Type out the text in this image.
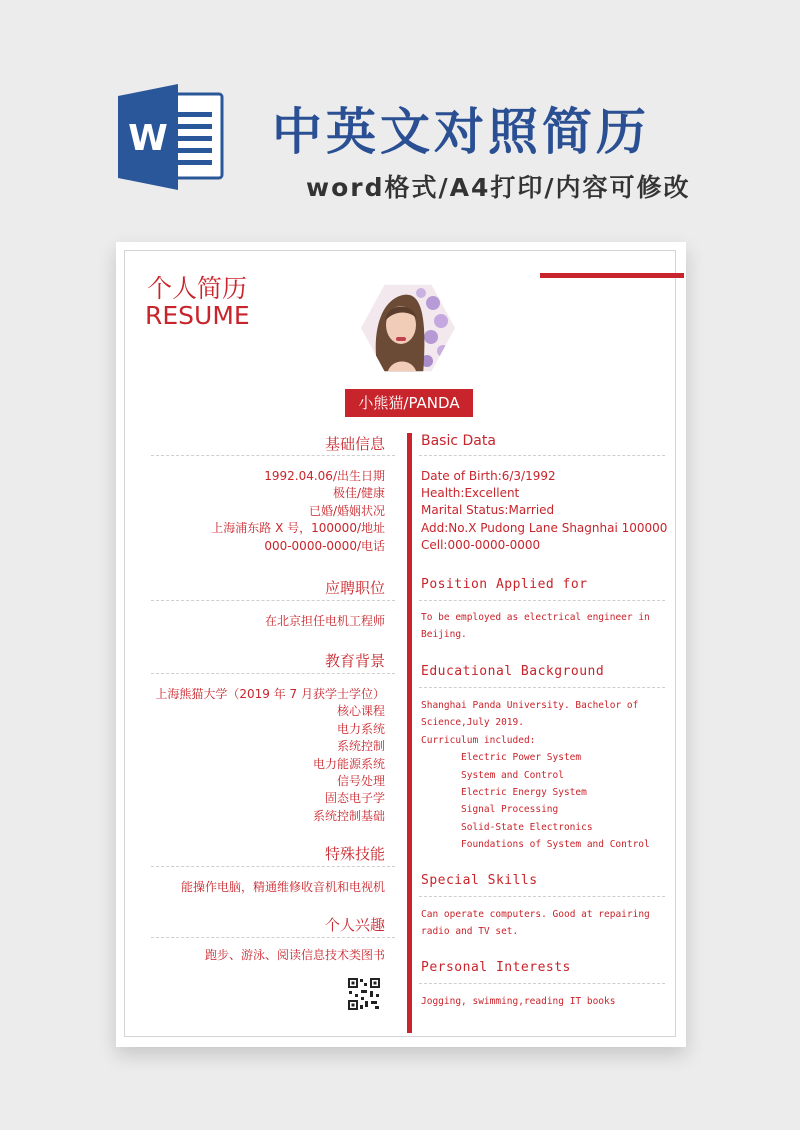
W 中英文对照简历
word格式/A4打印/内容可修改
个人简历
RESUME
小熊猫/PANDA
基础信息
1992.04.06/出生日期
极佳/健康
已婚/婚姻状况
上海浦东路 X 号，100000/地址
000-0000-0000/电话
应聘职位
在北京担任电机工程师
教育背景
上海熊猫大学（2019 年 7 月获学士学位）
核心课程
电力系统
系统控制
电力能源系统
信号处理
固态电子学
系统控制基础
特殊技能
能操作电脑，精通维修收音机和电视机
个人兴趣
跑步、游泳、阅读信息技术类图书
Basic Data
Date of Birth:6/3/1992
Health:Excellent
Marital Status:Married
Add:No.X Pudong Lane Shagnhai 100000
Cell:000-0000-0000
Position Applied for
To be employed as electrical engineer in
Beijing.
Educational Background
Shanghai Panda University. Bachelor of
Science,July 2019.
Curriculum included:
Electric Power System
System and Control
Electric Energy System
Signal Processing
Solid-State Electronics
Foundations of System and Control
Special Skills
Can operate computers. Good at repairing
radio and TV set.
Personal Interests
Jogging, swimming,reading IT books
